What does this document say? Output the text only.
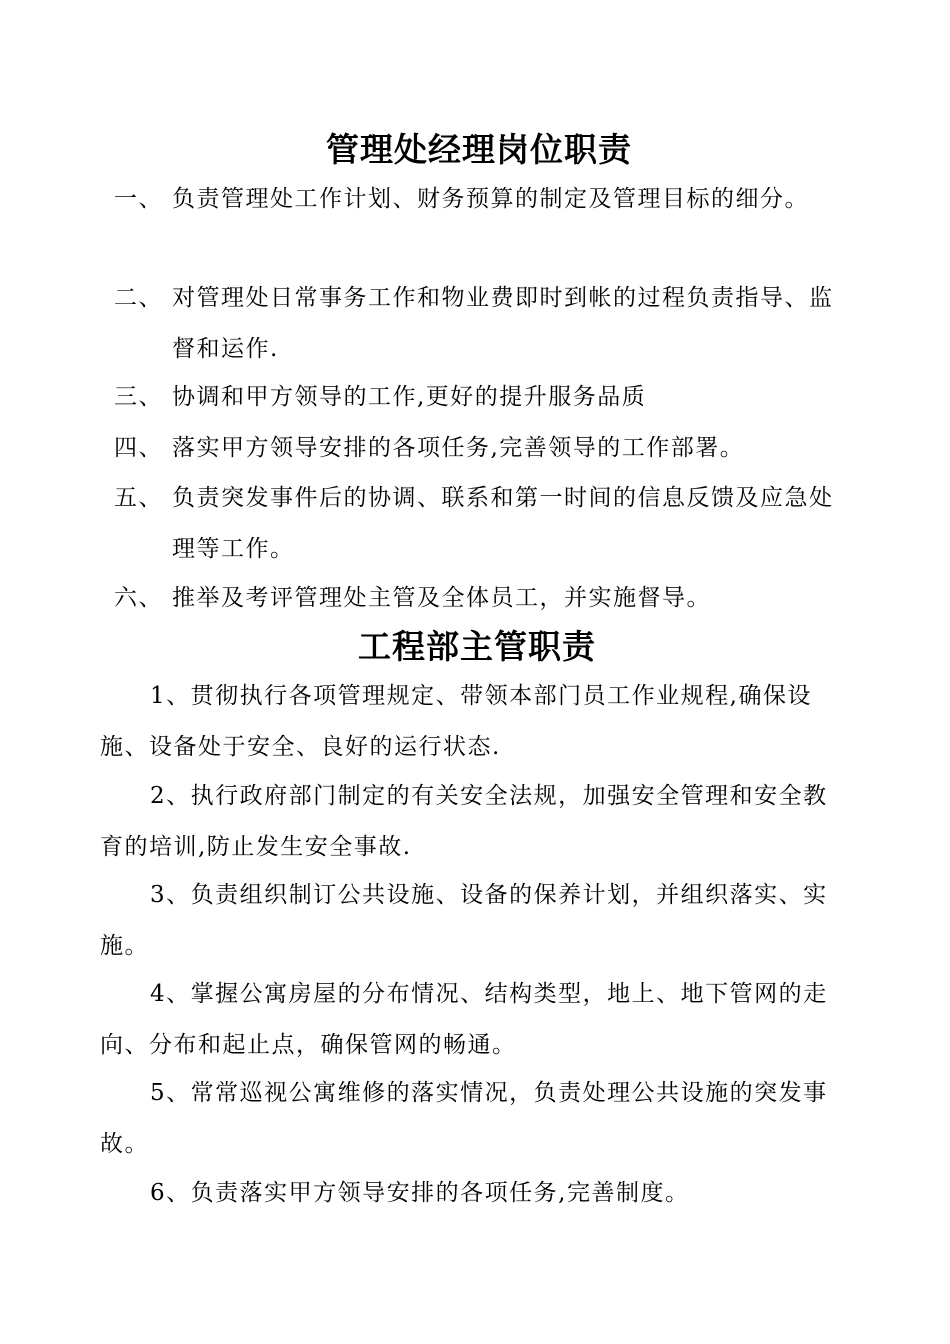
管理处经理岗位职责
一、 负责管理处工作计划、财务预算的制定及管理目标的细分。
二、 对管理处日常事务工作和物业费即时到帐的过程负责指导、监督和运作.
三、 协调和甲方领导的工作,更好的提升服务品质
四、 落实甲方领导安排的各项任务,完善领导的工作部署。
五、 负责突发事件后的协调、联系和第一时间的信息反馈及应急处理等工作。
六、 推举及考评管理处主管及全体员工，并实施督导。
工程部主管职责
1、贯彻执行各项管理规定、带领本部门员工作业规程,确保设施、设备处于安全、良好的运行状态.
2、执行政府部门制定的有关安全法规，加强安全管理和安全教育的培训,防止发生安全事故.
3、负责组织制订公共设施、设备的保养计划，并组织落实、实施。
4、掌握公寓房屋的分布情况、结构类型，地上、地下管网的走向、分布和起止点，确保管网的畅通。
5、常常巡视公寓维修的落实情况，负责处理公共设施的突发事故。
6、负责落实甲方领导安排的各项任务,完善制度。
